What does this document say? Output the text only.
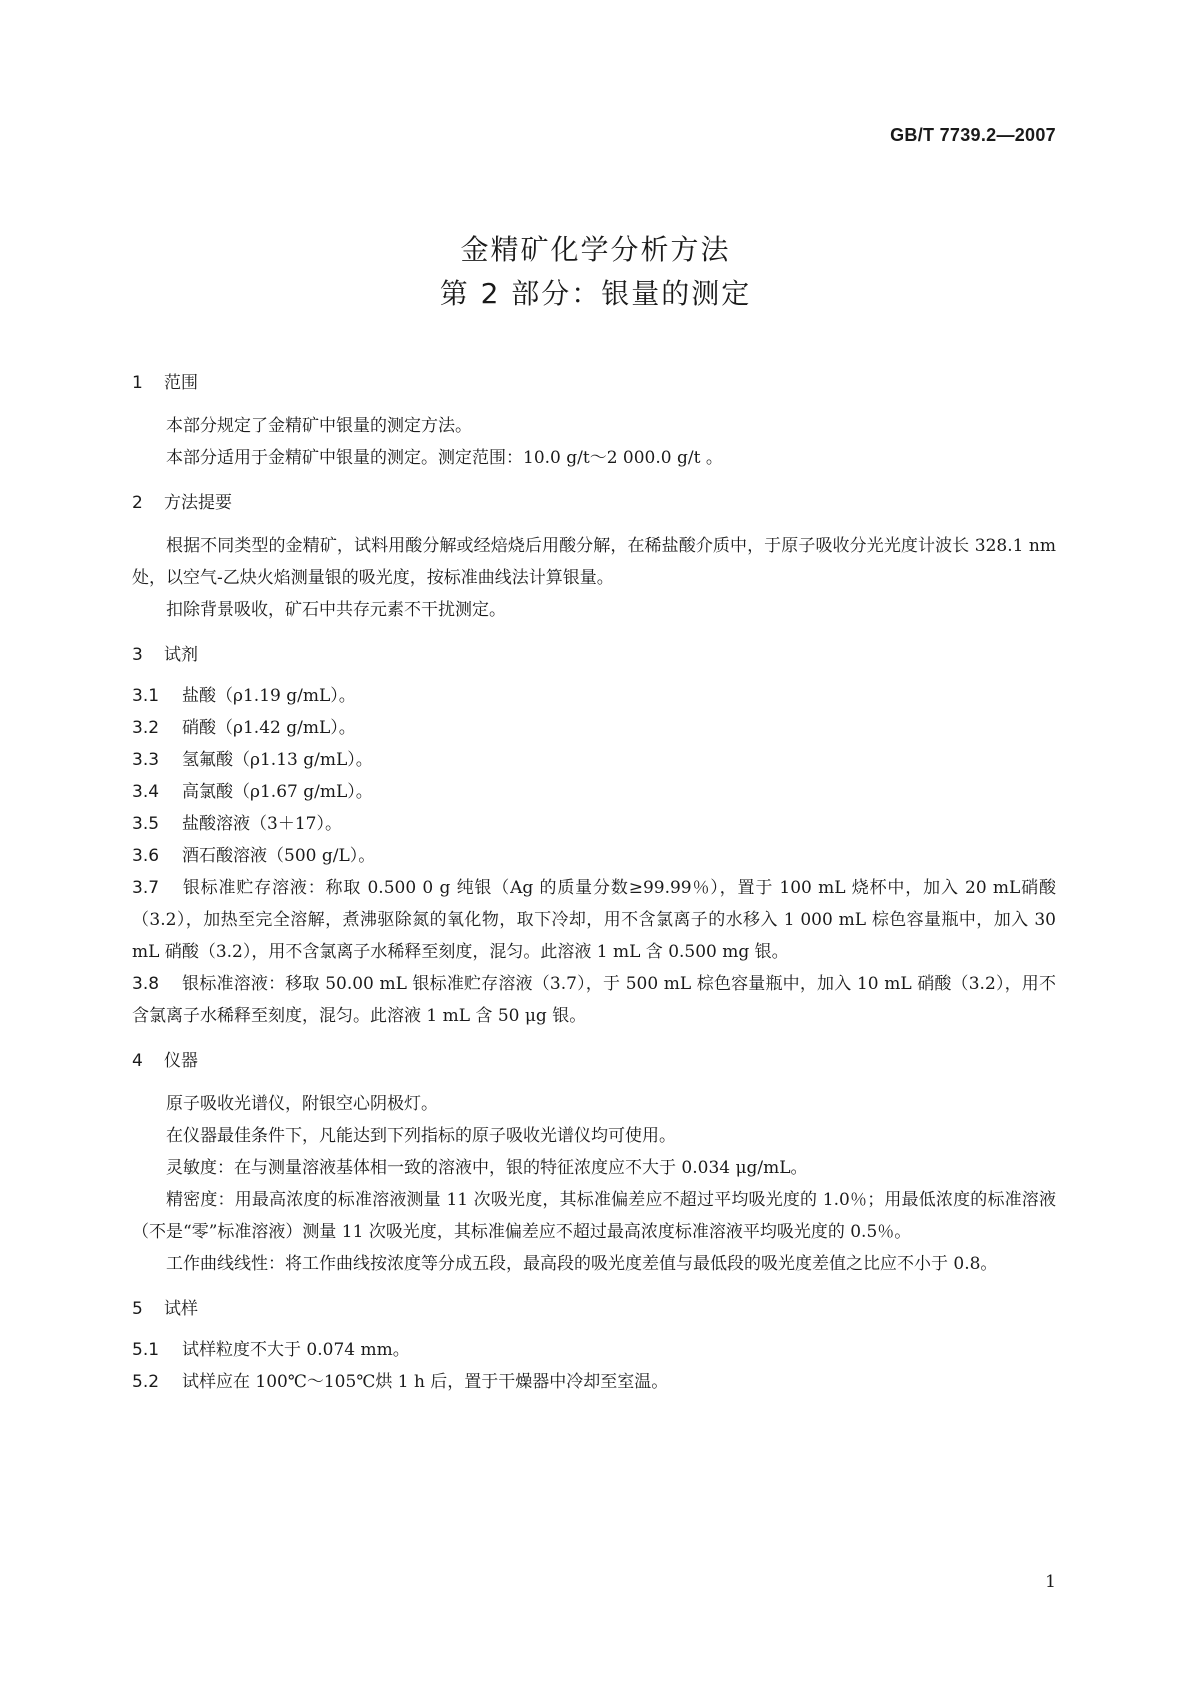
GB/T 7739.2—2007
金精矿化学分析方法
第 2 部分：银量的测定
1	范围

本部分规定了金精矿中银量的测定方法。

本部分适用于金精矿中银量的测定。测定范围：10.0 g/t～2 000.0 g/t 。

2	方法提要

根据不同类型的金精矿，试料用酸分解或经焙烧后用酸分解，在稀盐酸介质中，于原子吸收分光光度计波长 328.1 nm 处，以空气-乙炔火焰测量银的吸光度，按标准曲线法计算银量。

扣除背景吸收，矿石中共存元素不干扰测定。

3	试剂

3.1 盐酸（ρ1.19 g/mL）。

3.2 硝酸（ρ1.42 g/mL）。

3.3 氢氟酸（ρ1.13 g/mL）。

3.4 高氯酸（ρ1.67 g/mL）。

3.5 盐酸溶液（3＋17）。

3.6 酒石酸溶液（500 g/L）。

3.7 银标准贮存溶液：称取 0.500 0 g 纯银（Ag 的质量分数≥99.99％），置于 100 mL 烧杯中，加入 20 mL硝酸（3.2），加热至完全溶解，煮沸驱除氮的氧化物，取下冷却，用不含氯离子的水移入 1 000 mL 棕色容量瓶中，加入 30 mL 硝酸（3.2），用不含氯离子水稀释至刻度，混匀。此溶液 1 mL 含 0.500 mg 银。

3.8 银标准溶液：移取 50.00 mL 银标准贮存溶液（3.7），于 500 mL 棕色容量瓶中，加入 10 mL 硝酸（3.2），用不含氯离子水稀释至刻度，混匀。此溶液 1 mL 含 50 μg 银。

4	仪器

原子吸收光谱仪，附银空心阴极灯。

在仪器最佳条件下，凡能达到下列指标的原子吸收光谱仪均可使用。

灵敏度：在与测量溶液基体相一致的溶液中，银的特征浓度应不大于 0.034 μg/mL。

精密度：用最高浓度的标准溶液测量 11 次吸光度，其标准偏差应不超过平均吸光度的 1.0％；用最低浓度的标准溶液（不是“零”标准溶液）测量 11 次吸光度，其标准偏差应不超过最高浓度标准溶液平均吸光度的 0.5％。

工作曲线线性：将工作曲线按浓度等分成五段，最高段的吸光度差值与最低段的吸光度差值之比应不小于 0.8。

5	试样

5.1 试样粒度不大于 0.074 mm。

5.2 试样应在 100℃～105℃烘 1 h 后，置于干燥器中冷却至室温。

1
